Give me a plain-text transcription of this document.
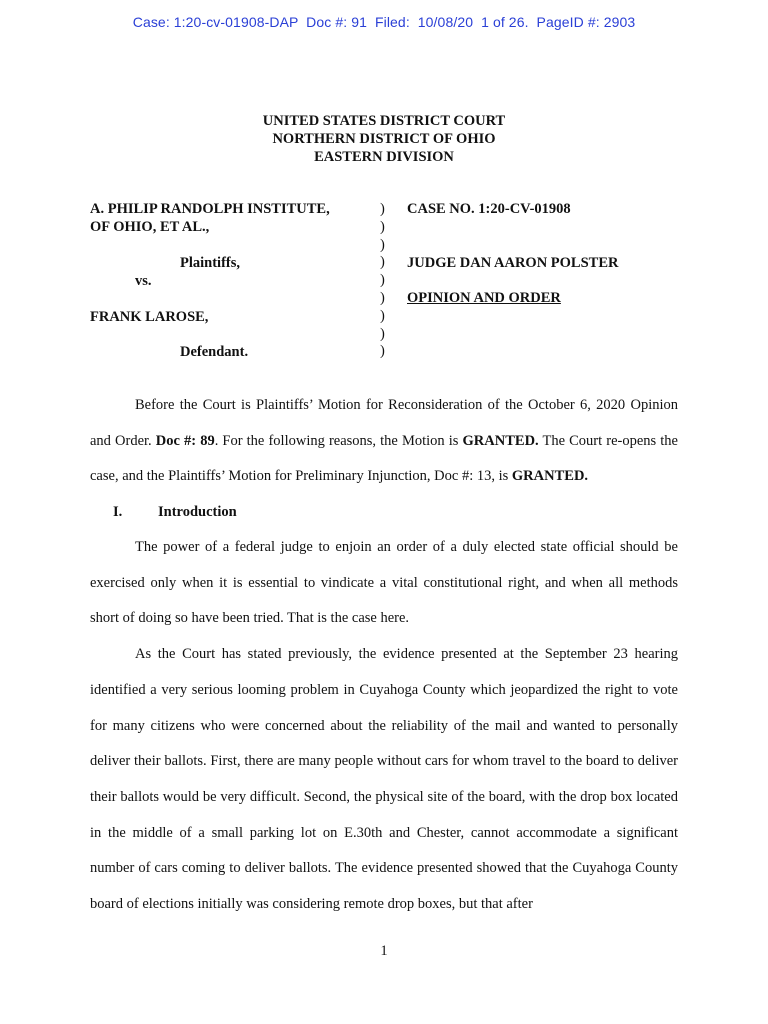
Case: 1:20-cv-01908-DAP  Doc #: 91  Filed:  10/08/20  1 of 26.  PageID #: 2903
UNITED STATES DISTRICT COURT
NORTHERN DISTRICT OF OHIO
EASTERN DIVISION
A. PHILIP RANDOLPH INSTITUTE,
OF OHIO, ET AL.,
Plaintiffs,
vs.
FRANK LAROSE,
Defendant.
)
)
)
)
)
)
)
)
)
CASE NO. 1:20-CV-01908
JUDGE DAN AARON POLSTER
OPINION AND ORDER

Before the Court is Plaintiffs’ Motion for Reconsideration of the October 6, 2020 Opinion and Order. Doc #: 89. For the following reasons, the Motion is GRANTED. The Court re-opens the case, and the Plaintiffs’ Motion for Preliminary Injunction, Doc #: 13, is GRANTED.

I. Introduction

The power of a federal judge to enjoin an order of a duly elected state official should be exercised only when it is essential to vindicate a vital constitutional right, and when all methods short of doing so have been tried. That is the case here.

As the Court has stated previously, the evidence presented at the September 23 hearing identified a very serious looming problem in Cuyahoga County which jeopardized the right to vote for many citizens who were concerned about the reliability of the mail and wanted to personally deliver their ballots. First, there are many people without cars for whom travel to the board to deliver their ballots would be very difficult. Second, the physical site of the board, with the drop box located in the middle of a small parking lot on E.30th and Chester, cannot accommodate a significant number of cars coming to deliver ballots. The evidence presented showed that the Cuyahoga County board of elections initially was considering remote drop boxes, but that after

1
